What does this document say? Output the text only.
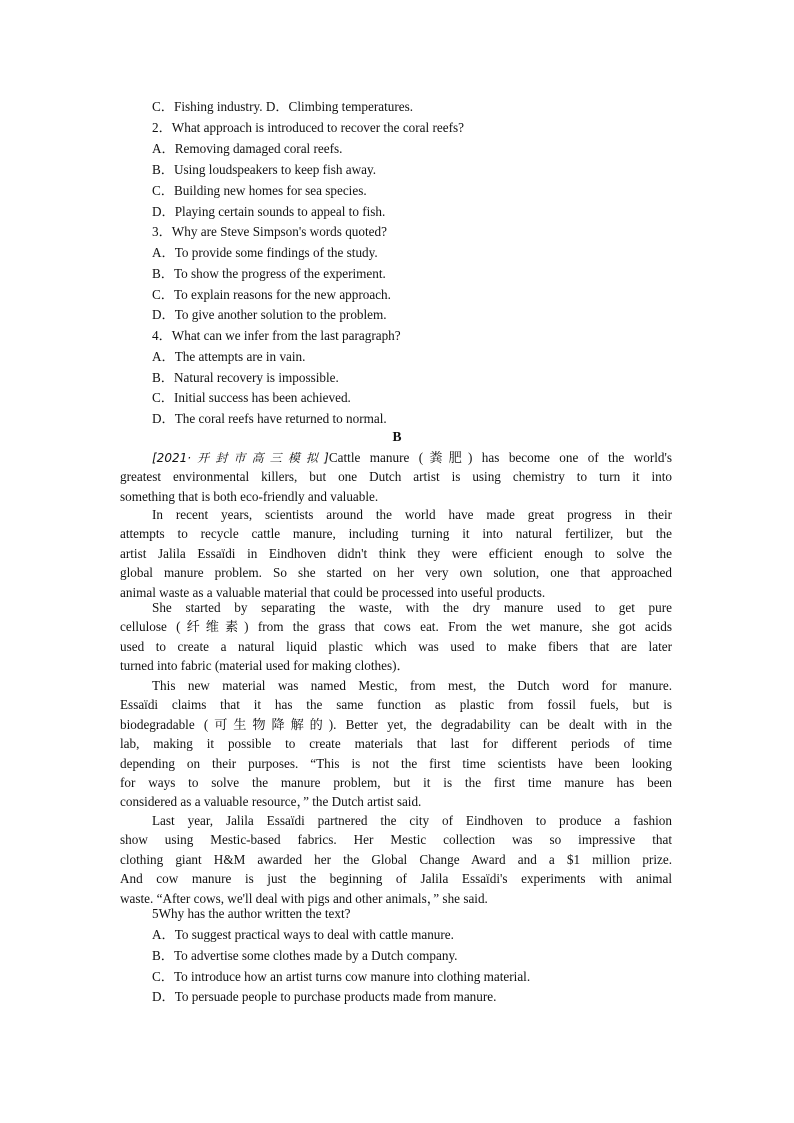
C．Fishing industry. D．Climbing temperatures.
2．What approach is introduced to recover the coral reefs?
A．Removing damaged coral reefs.
B．Using loudspeakers to keep fish away.
C．Building new homes for sea species.
D．Playing certain sounds to appeal to fish.
3．Why are Steve Simpson's words quoted?
A．To provide some findings of the study.
B．To show the progress of the experiment.
C．To explain reasons for the new approach.
D．To give another solution to the problem.
4．What can we infer from the last paragraph?
A．The attempts are in vain.
B．Natural recovery is impossible.
C．Initial success has been achieved.
D．The coral reefs have returned to normal.
B
[2021·开封市高三模拟]Cattle manure (粪肥) has become one of the world's
greatest environmental killers, but one Dutch artist is using chemistry to turn it into
something that is both eco-friendly and valuable.
In recent years, scientists around the world have made great progress in their
attempts to recycle cattle manure, including turning it into natural fertilizer, but the
artist Jalila Essaïdi in Eindhoven didn't think they were efficient enough to solve the
global manure problem. So she started on her very own solution, one that approached
animal waste as a valuable material that could be processed into useful products.
She started by separating the waste, with the dry manure used to get pure
cellulose (纤维素) from the grass that cows eat. From the wet manure, she got acids
used to create a natural liquid plastic which was used to make fibers that are later
turned into fabric (material used for making clothes)．
This new material was named Mestic, from mest, the Dutch word for manure.
Essaïdi claims that it has the same function as plastic from fossil fuels, but is
biodegradable (可生物降解的). Better yet, the degradability can be dealt with in the
lab, making it possible to create materials that last for different periods of time
depending on their purposes. “This is not the first time scientists have been looking
for ways to solve the manure problem, but it is the first time manure has been
considered as a valuable resource，” the Dutch artist said.
Last year, Jalila Essaïdi partnered the city of Eindhoven to produce a fashion
show using Mestic-based fabrics. Her Mestic collection was so impressive that
clothing giant H&M awarded her the Global Change Award and a $1 million prize.
And cow manure is just the beginning of Jalila Essaïdi's experiments with animal
waste. “After cows, we'll deal with pigs and other animals，” she said.
5Why has the author written the text?
A．To suggest practical ways to deal with cattle manure.
B．To advertise some clothes made by a Dutch company.
C．To introduce how an artist turns cow manure into clothing material.
D．To persuade people to purchase products made from manure.
